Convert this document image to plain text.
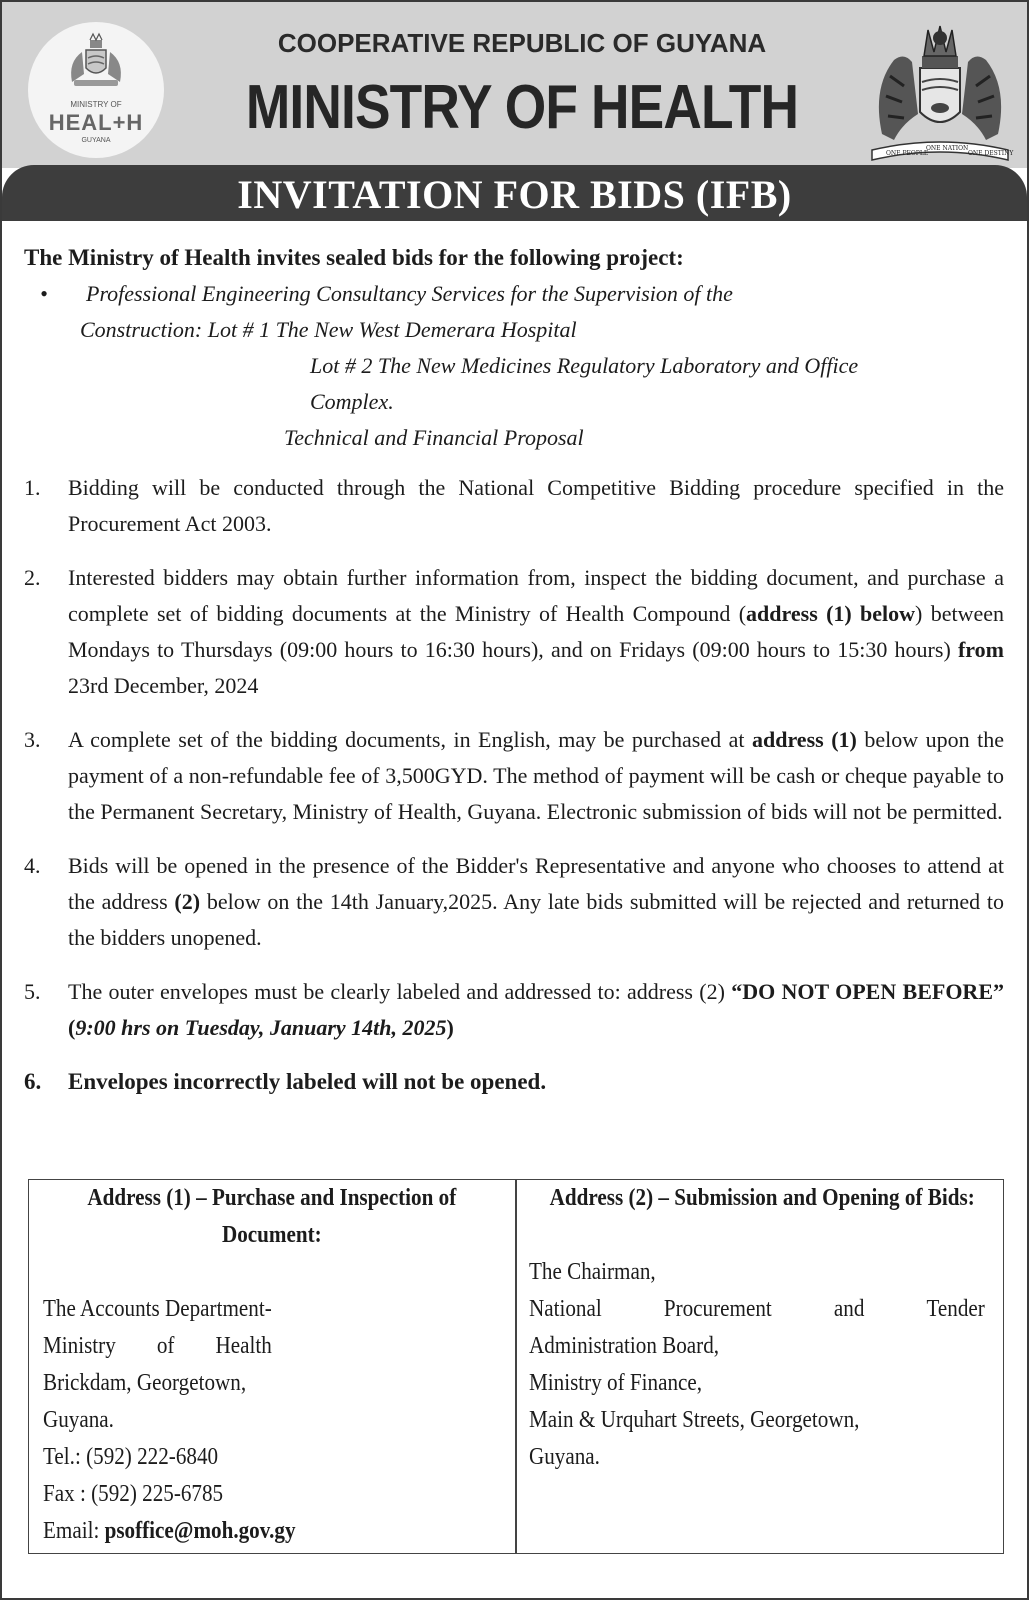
MINISTRY OF
HEAL+H
GUYANA
COOPERATIVE REPUBLIC OF GUYANA
MINISTRY OF HEALTH
ONE PEOPLE
ONE NATION
ONE DESTINY
INVITATION FOR BIDS (IFB)
The Ministry of Health invites sealed bids for the following project:
• Professional Engineering Consultancy Services for the Supervision of the
Construction: Lot # 1 The New West Demerara Hospital
Lot # 2 The New Medicines Regulatory Laboratory and Office
Complex.
Technical and Financial Proposal
1. Bidding will be conducted through the National Competitive Bidding procedure specified in the Procurement Act 2003.
2. Interested bidders may obtain further information from, inspect the bidding document, and purchase a complete set of bidding documents at the Ministry of Health Compound (address (1) below) between Mondays to Thursdays (09:00 hours to 16:30 hours), and on Fridays (09:00 hours to 15:30 hours) from 23rd December, 2024
3. A complete set of the bidding documents, in English, may be purchased at address (1) below upon the payment of a non-refundable fee of 3,500GYD. The method of payment will be cash or cheque payable to the Permanent Secretary, Ministry of Health, Guyana. Electronic submission of bids will not be permitted.
4. Bids will be opened in the presence of the Bidder's Representative and anyone who chooses to attend at the address (2) below on the 14th January,2025. Any late bids submitted will be rejected and returned to the bidders unopened.
5. The outer envelopes must be clearly labeled and addressed to: address (2) “DO NOT OPEN BEFORE” (9:00 hrs on Tuesday, January 14th, 2025)
6. Envelopes incorrectly labeled will not be opened.
Address (1) – Purchase and Inspection of Document:
The Accounts Department-
Ministry of Health
Brickdam, Georgetown,
Guyana.
Tel.: (592) 222-6840
Fax : (592) 225-6785
Email: psoffice@moh.gov.gy
Address (2) – Submission and Opening of Bids:
The Chairman,
National	Procurement	and	Tender
Administration Board,
Ministry of Finance,
Main & Urquhart Streets, Georgetown,
Guyana.
